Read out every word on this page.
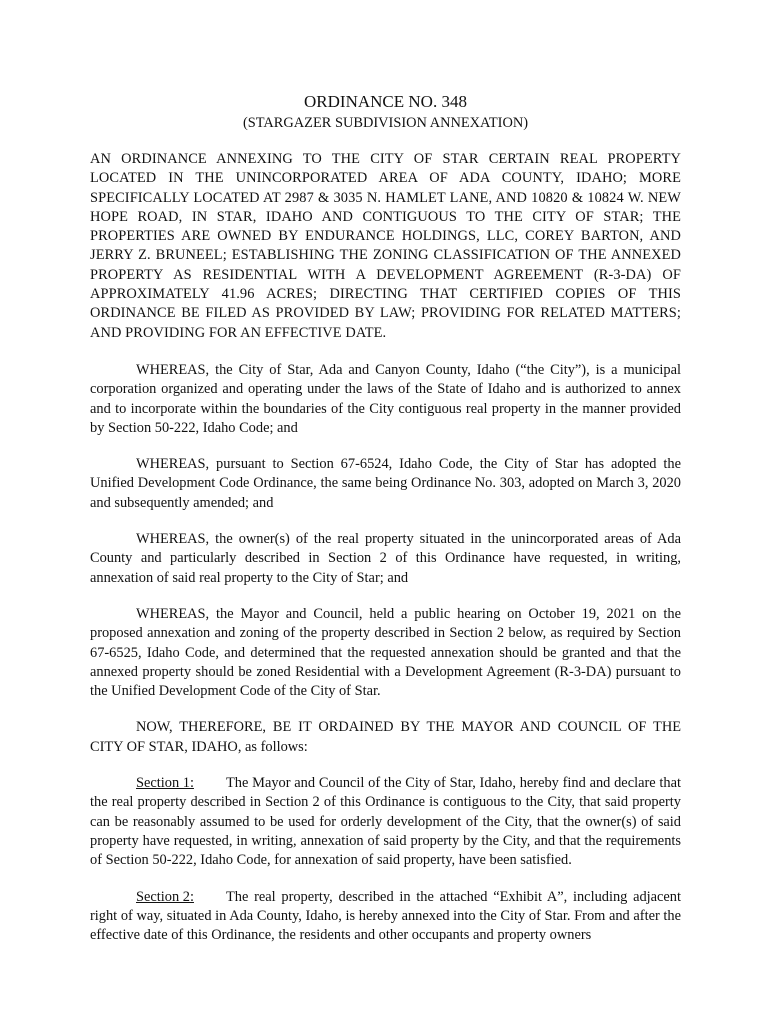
ORDINANCE NO. 348

(STARGAZER SUBDIVISION ANNEXATION)

AN ORDINANCE ANNEXING TO THE CITY OF STAR CERTAIN REAL PROPERTY LOCATED IN THE UNINCORPORATED AREA OF ADA COUNTY, IDAHO; MORE SPECIFICALLY LOCATED AT 2987 & 3035 N. HAMLET LANE, AND 10820 & 10824 W. NEW HOPE ROAD, IN STAR, IDAHO AND CONTIGUOUS TO THE CITY OF STAR; THE PROPERTIES ARE OWNED BY ENDURANCE HOLDINGS, LLC, COREY BARTON, AND JERRY Z. BRUNEEL; ESTABLISHING THE ZONING CLASSIFICATION OF THE ANNEXED PROPERTY AS RESIDENTIAL WITH A DEVELOPMENT AGREEMENT (R-3-DA) OF APPROXIMATELY 41.96 ACRES; DIRECTING THAT CERTIFIED COPIES OF THIS ORDINANCE BE FILED AS PROVIDED BY LAW; PROVIDING FOR RELATED MATTERS; AND PROVIDING FOR AN EFFECTIVE DATE.

WHEREAS, the City of Star, Ada and Canyon County, Idaho (“the City”), is a municipal corporation organized and operating under the laws of the State of Idaho and is authorized to annex and to incorporate within the boundaries of the City contiguous real property in the manner provided by Section 50-222, Idaho Code; and

WHEREAS, pursuant to Section 67-6524, Idaho Code, the City of Star has adopted the Unified Development Code Ordinance, the same being Ordinance No. 303, adopted on March 3, 2020 and subsequently amended; and

WHEREAS, the owner(s) of the real property situated in the unincorporated areas of Ada County and particularly described in Section 2 of this Ordinance have requested, in writing, annexation of said real property to the City of Star; and

WHEREAS, the Mayor and Council, held a public hearing on October 19, 2021 on the proposed annexation and zoning of the property described in Section 2 below, as required by Section 67-6525, Idaho Code, and determined that the requested annexation should be granted and that the annexed property should be zoned Residential with a Development Agreement (R-3-DA) pursuant to the Unified Development Code of the City of Star.

NOW, THEREFORE, BE IT ORDAINED BY THE MAYOR AND COUNCIL OF THE CITY OF STAR, IDAHO, as follows:

Section 1: The Mayor and Council of the City of Star, Idaho, hereby find and declare that the real property described in Section 2 of this Ordinance is contiguous to the City, that said property can be reasonably assumed to be used for orderly development of the City, that the owner(s) of said property have requested, in writing, annexation of said property by the City, and that the requirements of Section 50-222, Idaho Code, for annexation of said property, have been satisfied.

Section 2: The real property, described in the attached “Exhibit A”, including adjacent right of way, situated in Ada County, Idaho, is hereby annexed into the City of Star. From and after the effective date of this Ordinance, the residents and other occupants and property owners
